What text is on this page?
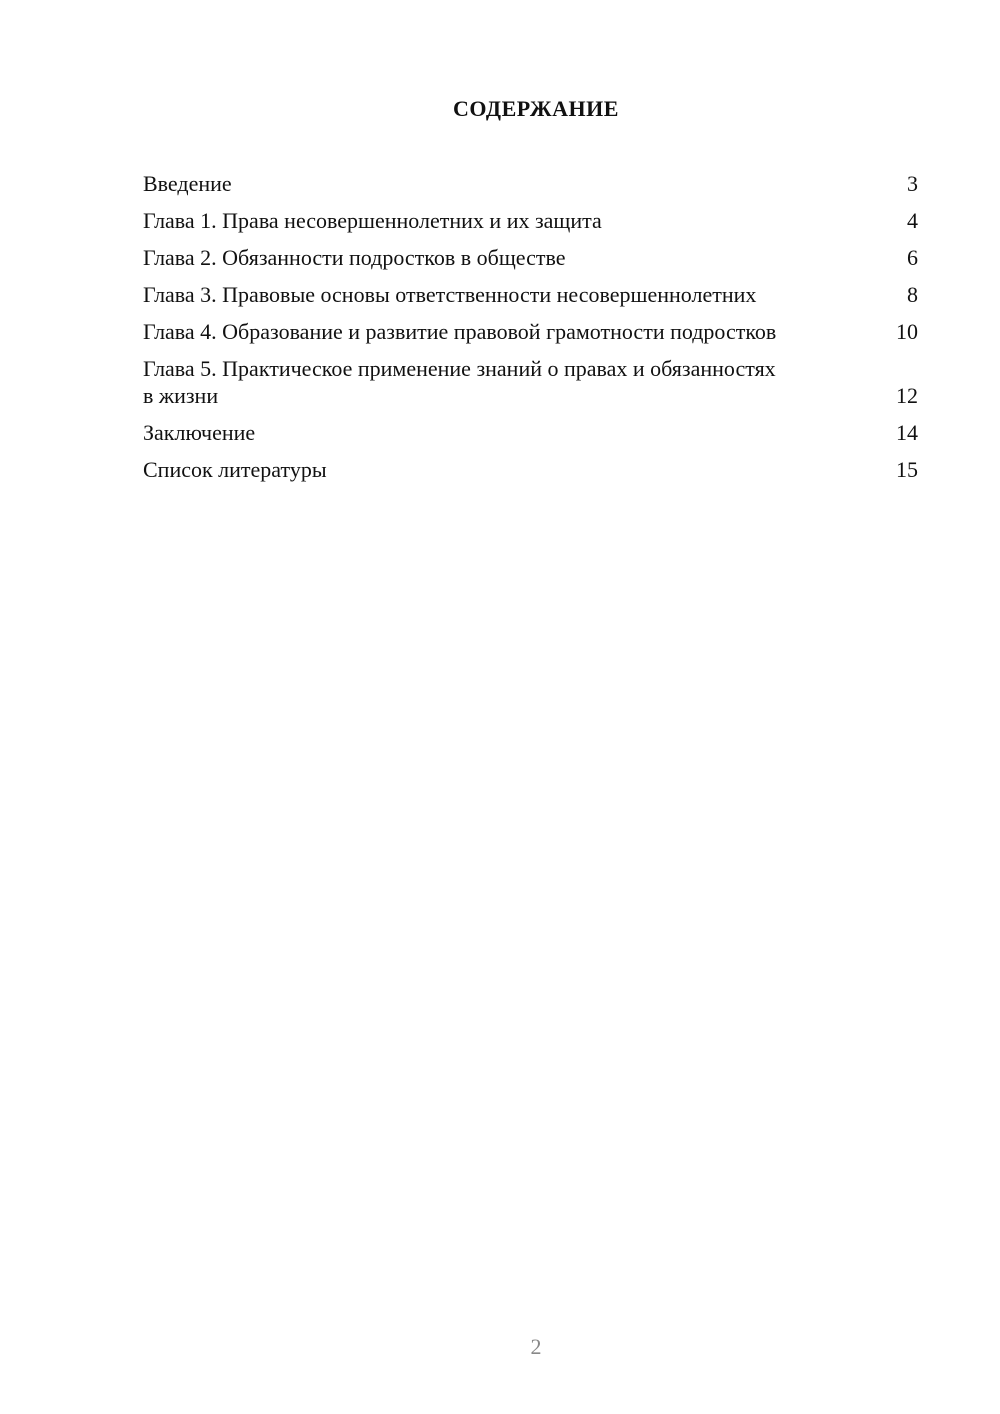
СОДЕРЖАНИЕ
Введение	3
Глава 1. Права несовершеннолетних и их защита	4
Глава 2. Обязанности подростков в обществе	6
Глава 3. Правовые основы ответственности несовершеннолетних	8
Глава 4. Образование и развитие правовой грамотности подростков	10
Глава 5. Практическое применение знаний о правах и обязанностях в жизни	12
Заключение	14
Список литературы	15
2
